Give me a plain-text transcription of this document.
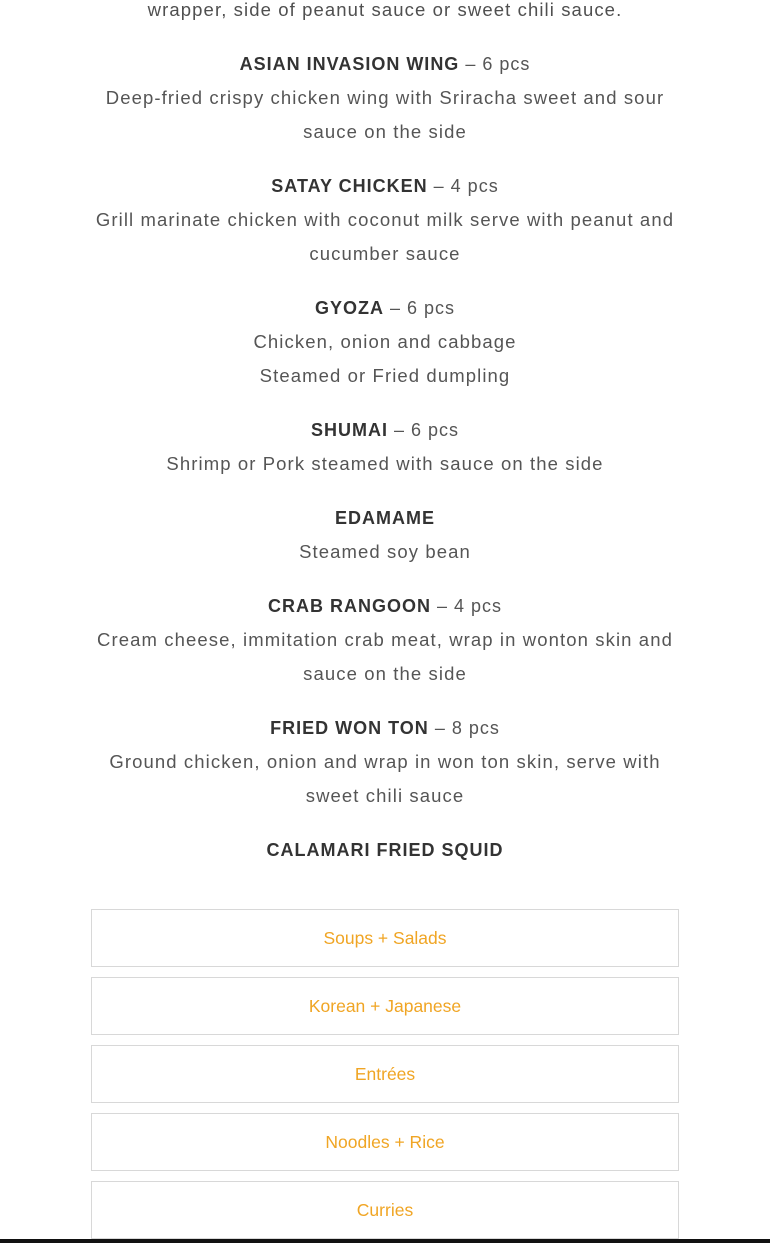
wrapper, side of peanut sauce or sweet chili sauce.
ASIAN INVASION WING – 6 pcs
Deep-fried crispy chicken wing with Sriracha sweet and sour sauce on the side
SATAY CHICKEN – 4 pcs
Grill marinate chicken with coconut milk serve with peanut and cucumber sauce
GYOZA – 6 pcs
Chicken, onion and cabbage
Steamed or Fried dumpling
SHUMAI – 6 pcs
Shrimp or Pork steamed with sauce on the side
EDAMAME
Steamed soy bean
CRAB RANGOON – 4 pcs
Cream cheese, immitation crab meat, wrap in wonton skin and sauce on the side
FRIED WON TON – 8 pcs
Ground chicken, onion and wrap in won ton skin, serve with sweet chili sauce
CALAMARI FRIED SQUID
Soups + Salads
Korean + Japanese
Entrées
Noodles + Rice
Curries
